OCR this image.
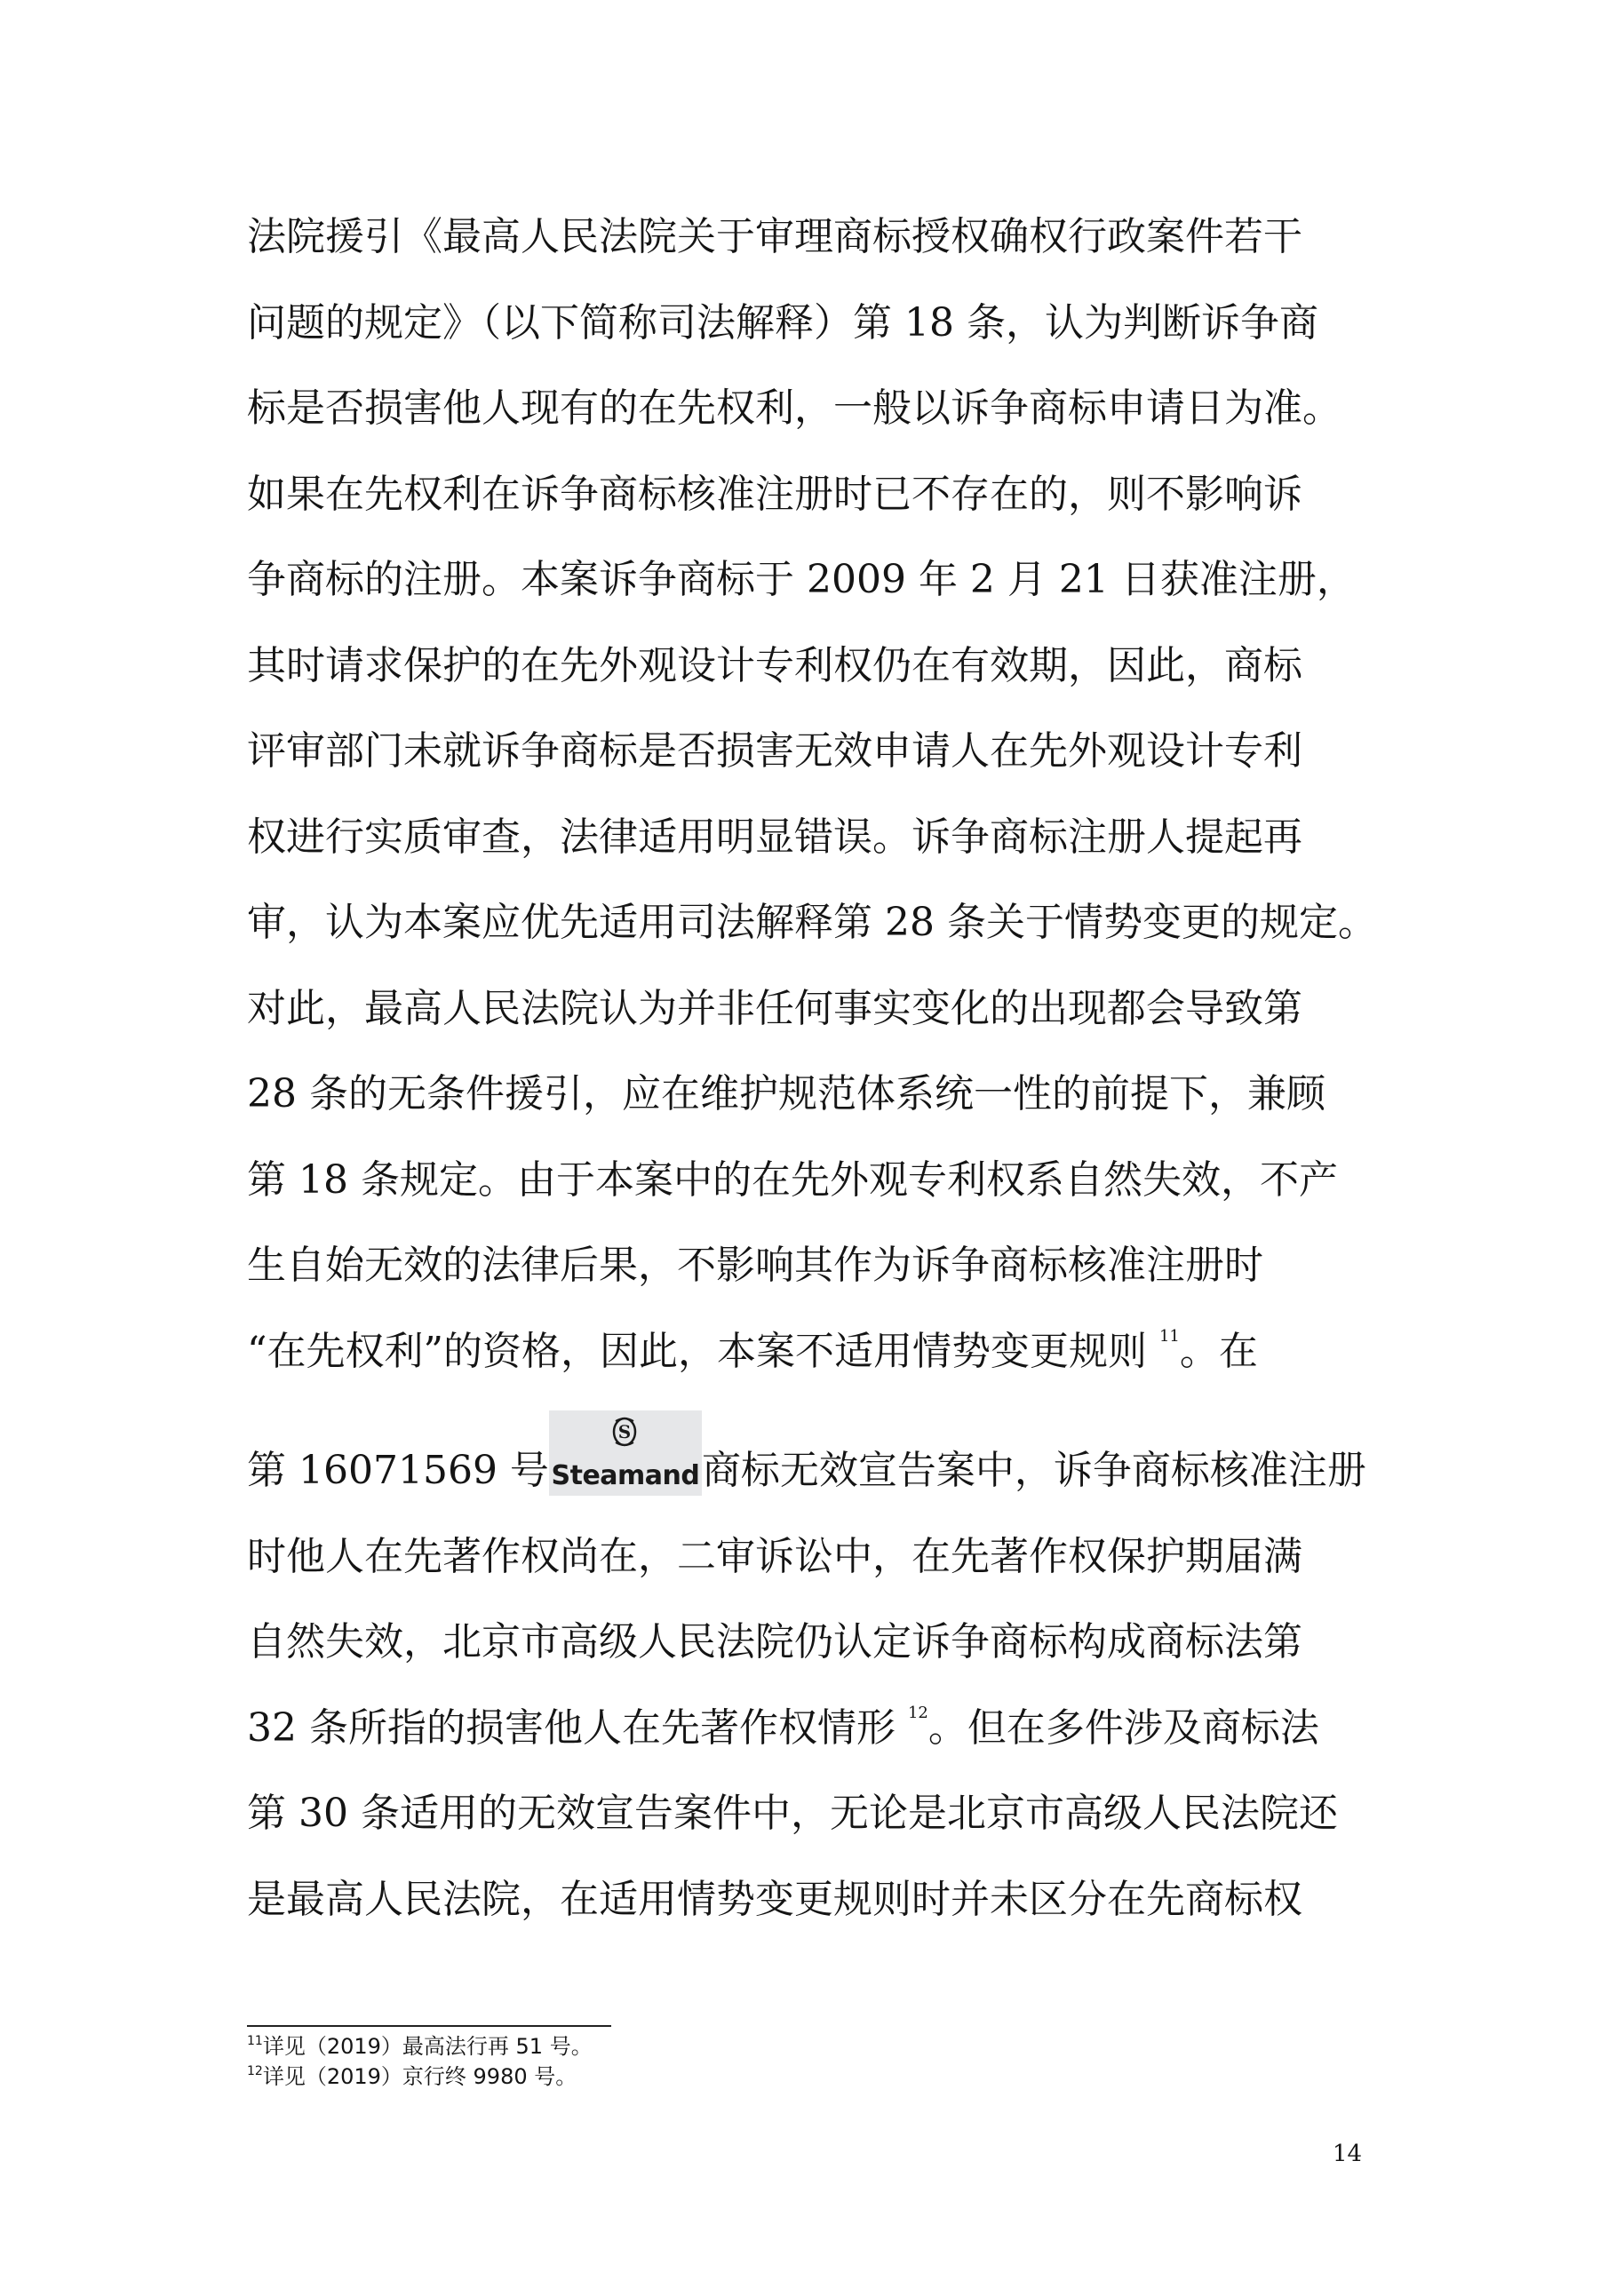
法院援引《最高人民法院关于审理商标授权确权行政案件若干
问题的规定》（以下简称司法解释）第 18 条，认为判断诉争商
标是否损害他人现有的在先权利，一般以诉争商标申请日为准。
如果在先权利在诉争商标核准注册时已不存在的，则不影响诉
争商标的注册。本案诉争商标于 2009 年 2 月 21 日获准注册，
其时请求保护的在先外观设计专利权仍在有效期，因此，商标
评审部门未就诉争商标是否损害无效申请人在先外观设计专利
权进行实质审查，法律适用明显错误。诉争商标注册人提起再
审，认为本案应优先适用司法解释第 28 条关于情势变更的规定。
对此，最高人民法院认为并非任何事实变化的出现都会导致第
28 条的无条件援引，应在维护规范体系统一性的前提下，兼顾
第 18 条规定。由于本案中的在先外观专利权系自然失效，不产
生自始无效的法律后果，不影响其作为诉争商标核准注册时
“在先权利”的资格，因此，本案不适用情势变更规则 $^{11}$。在
第 16071569 号
S
Steamand 商标无效宣告案中，诉争商标核准注册
时他人在先著作权尚在，二审诉讼中，在先著作权保护期届满
自然失效，北京市高级人民法院仍认定诉争商标构成商标法第
32 条所指的损害他人在先著作权情形 $^{12}$。但在多件涉及商标法
第 30 条适用的无效宣告案件中，无论是北京市高级人民法院还
是最高人民法院，在适用情势变更规则时并未区分在先商标权
$^{11}$详见（2019）最高法行再 51 号。
$^{12}$详见（2019）京行终 9980 号。
14
